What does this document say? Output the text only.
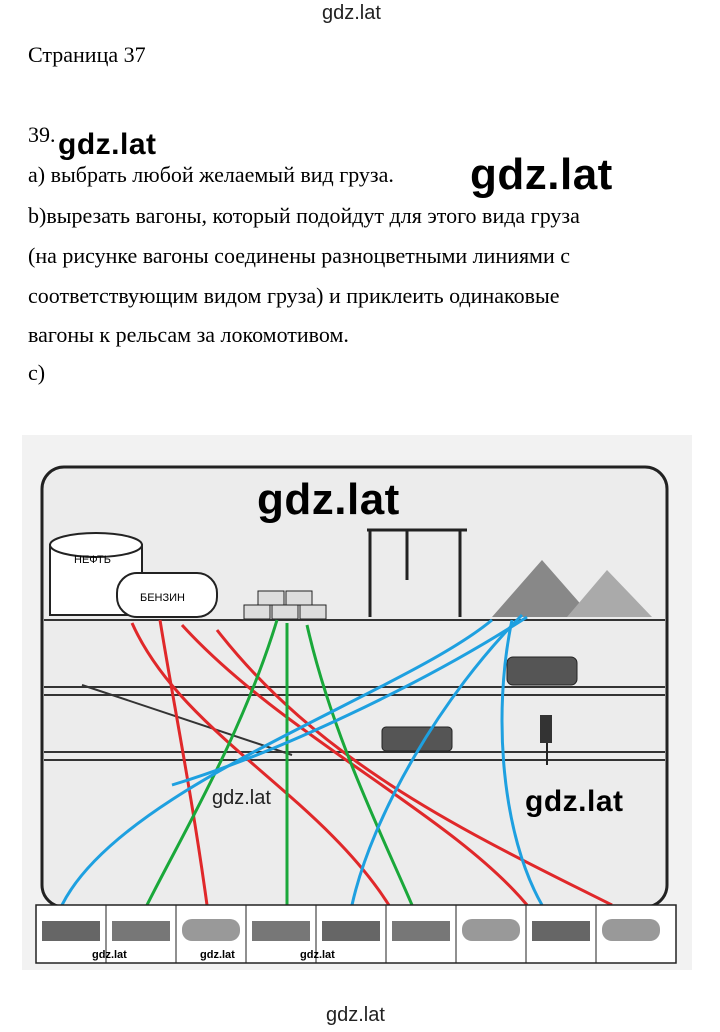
gdz.lat
Страница 37
39. gdz.lat
а) выбрать любой желаемый вид груза. gdz.lat
b)вырезать вагоны, который подойдут для этого вида груза
(на рисунке вагоны соединены разноцветными линиями с
соответствующим видом груза) и приклеить одинаковые
вагоны к рельсам за локомотивом.
c)
НЕФТЬ
БЕНЗИН
gdz.lat
gdz.lat	gdz.lat
gdz.lat	gdz.lat	gdz.lat
gdz.lat
